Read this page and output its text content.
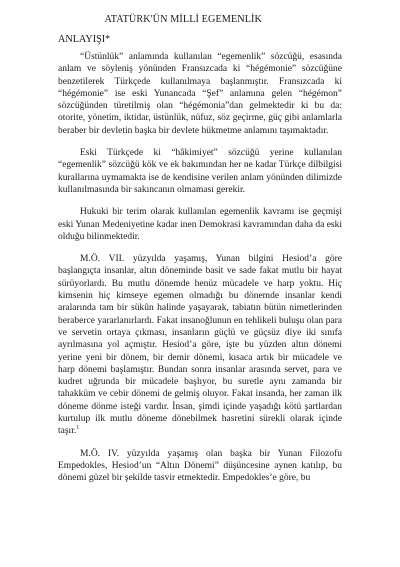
ATATÜRK'ÜN MİLLİ EGEMENLİK
ANLAYIŞI*

“Üstünlük” anlamında kullanılan “egemenlik” sözcüğü, esasında anlam ve söyleniş yönünden Fransızcada ki “hégémonie” sözcüğüne benzetilerek Türkçede kullanılmaya başlanmıştır. Fransızcada ki “hégémonie” ise eski Yunancada “Şef” anlamına gelen “hégémon” sözcüğünden türetilmiş olan “hégémonia”dan gelmektedir ki bu da: otorite, yönetim, iktidar, üstünlük, nüfuz, söz geçirme, güç gibi anlamlarla beraber bir devletin başka bir devlete hükmetme anlamını taşımaktadır.

Eski Türkçede ki “hâkimiyet” sözcüğü yerine kullanılan “egemenlik” sözcüğü kök ve ek bakımından her ne kadar Türkçe dilbilgisi kurallarına uymamakta ise de kendisine verilen anlam yönünden dilimizde kullanılmasında bir sakıncanın olmaması gerekir.

Hukuki bir terim olarak kullanılan egemenlik kavramı ise geçmişi eski Yunan Medeniyetine kadar inen Demokrasi kavramından daha da eski olduğu bilinmektedir.

M.Ö. VII. yüzyılda yaşamış, Yunan bilgini Hesiod’a göre başlangıçta insanlar, altın döneminde basit ve sade fakat mutlu bir hayat sürüyorlardı. Bu mutlu dönemde henüz mücadele ve harp yoktu. Hiç kimsenin hiç kimseye egemen olmadığı bu dönemde insanlar kendi aralarında tam bir sükûn halinde yaşayarak, tabiatın bütün nimetlerinden beraberce yararlanırlardı. Fakat insanoğlunun en tehlikeli buluşu olan para ve servetin ortaya çıkması, insanların güçlü ve güçsüz diye iki sınıfa ayrılmasına yol açmıştır. Hesiod’a göre, işte bu yüzden altın dönemi yerine yeni bir dönem, bir demir dönemi, kısaca artık bir mücadele ve harp dönemi başlamıştır. Bundan sonra insanlar arasında servet, para ve kudret uğrunda bir mücadele başlıyor, bu suretle aynı zamanda bir tahakküm ve cebir dönemi de gelmiş oluyor. Fakat insanda, her zaman ilk döneme dönme isteği vardır. İnsan, şimdi içinde yaşadığı kötü şartlardan kurtulup ilk mutlu döneme dönebilmek hasretini sürekli olarak içinde taşır.$^1$

M.Ö. IV. yüzyılda yaşamış olan başka bir Yunan Filozofu Empedokles, Hesiod’un “Altın Dönemi” düşüncesine aynen katılıp, bu dönemi güzel bir şekilde tasvir etmektedir. Empedokles’e göre, bu
